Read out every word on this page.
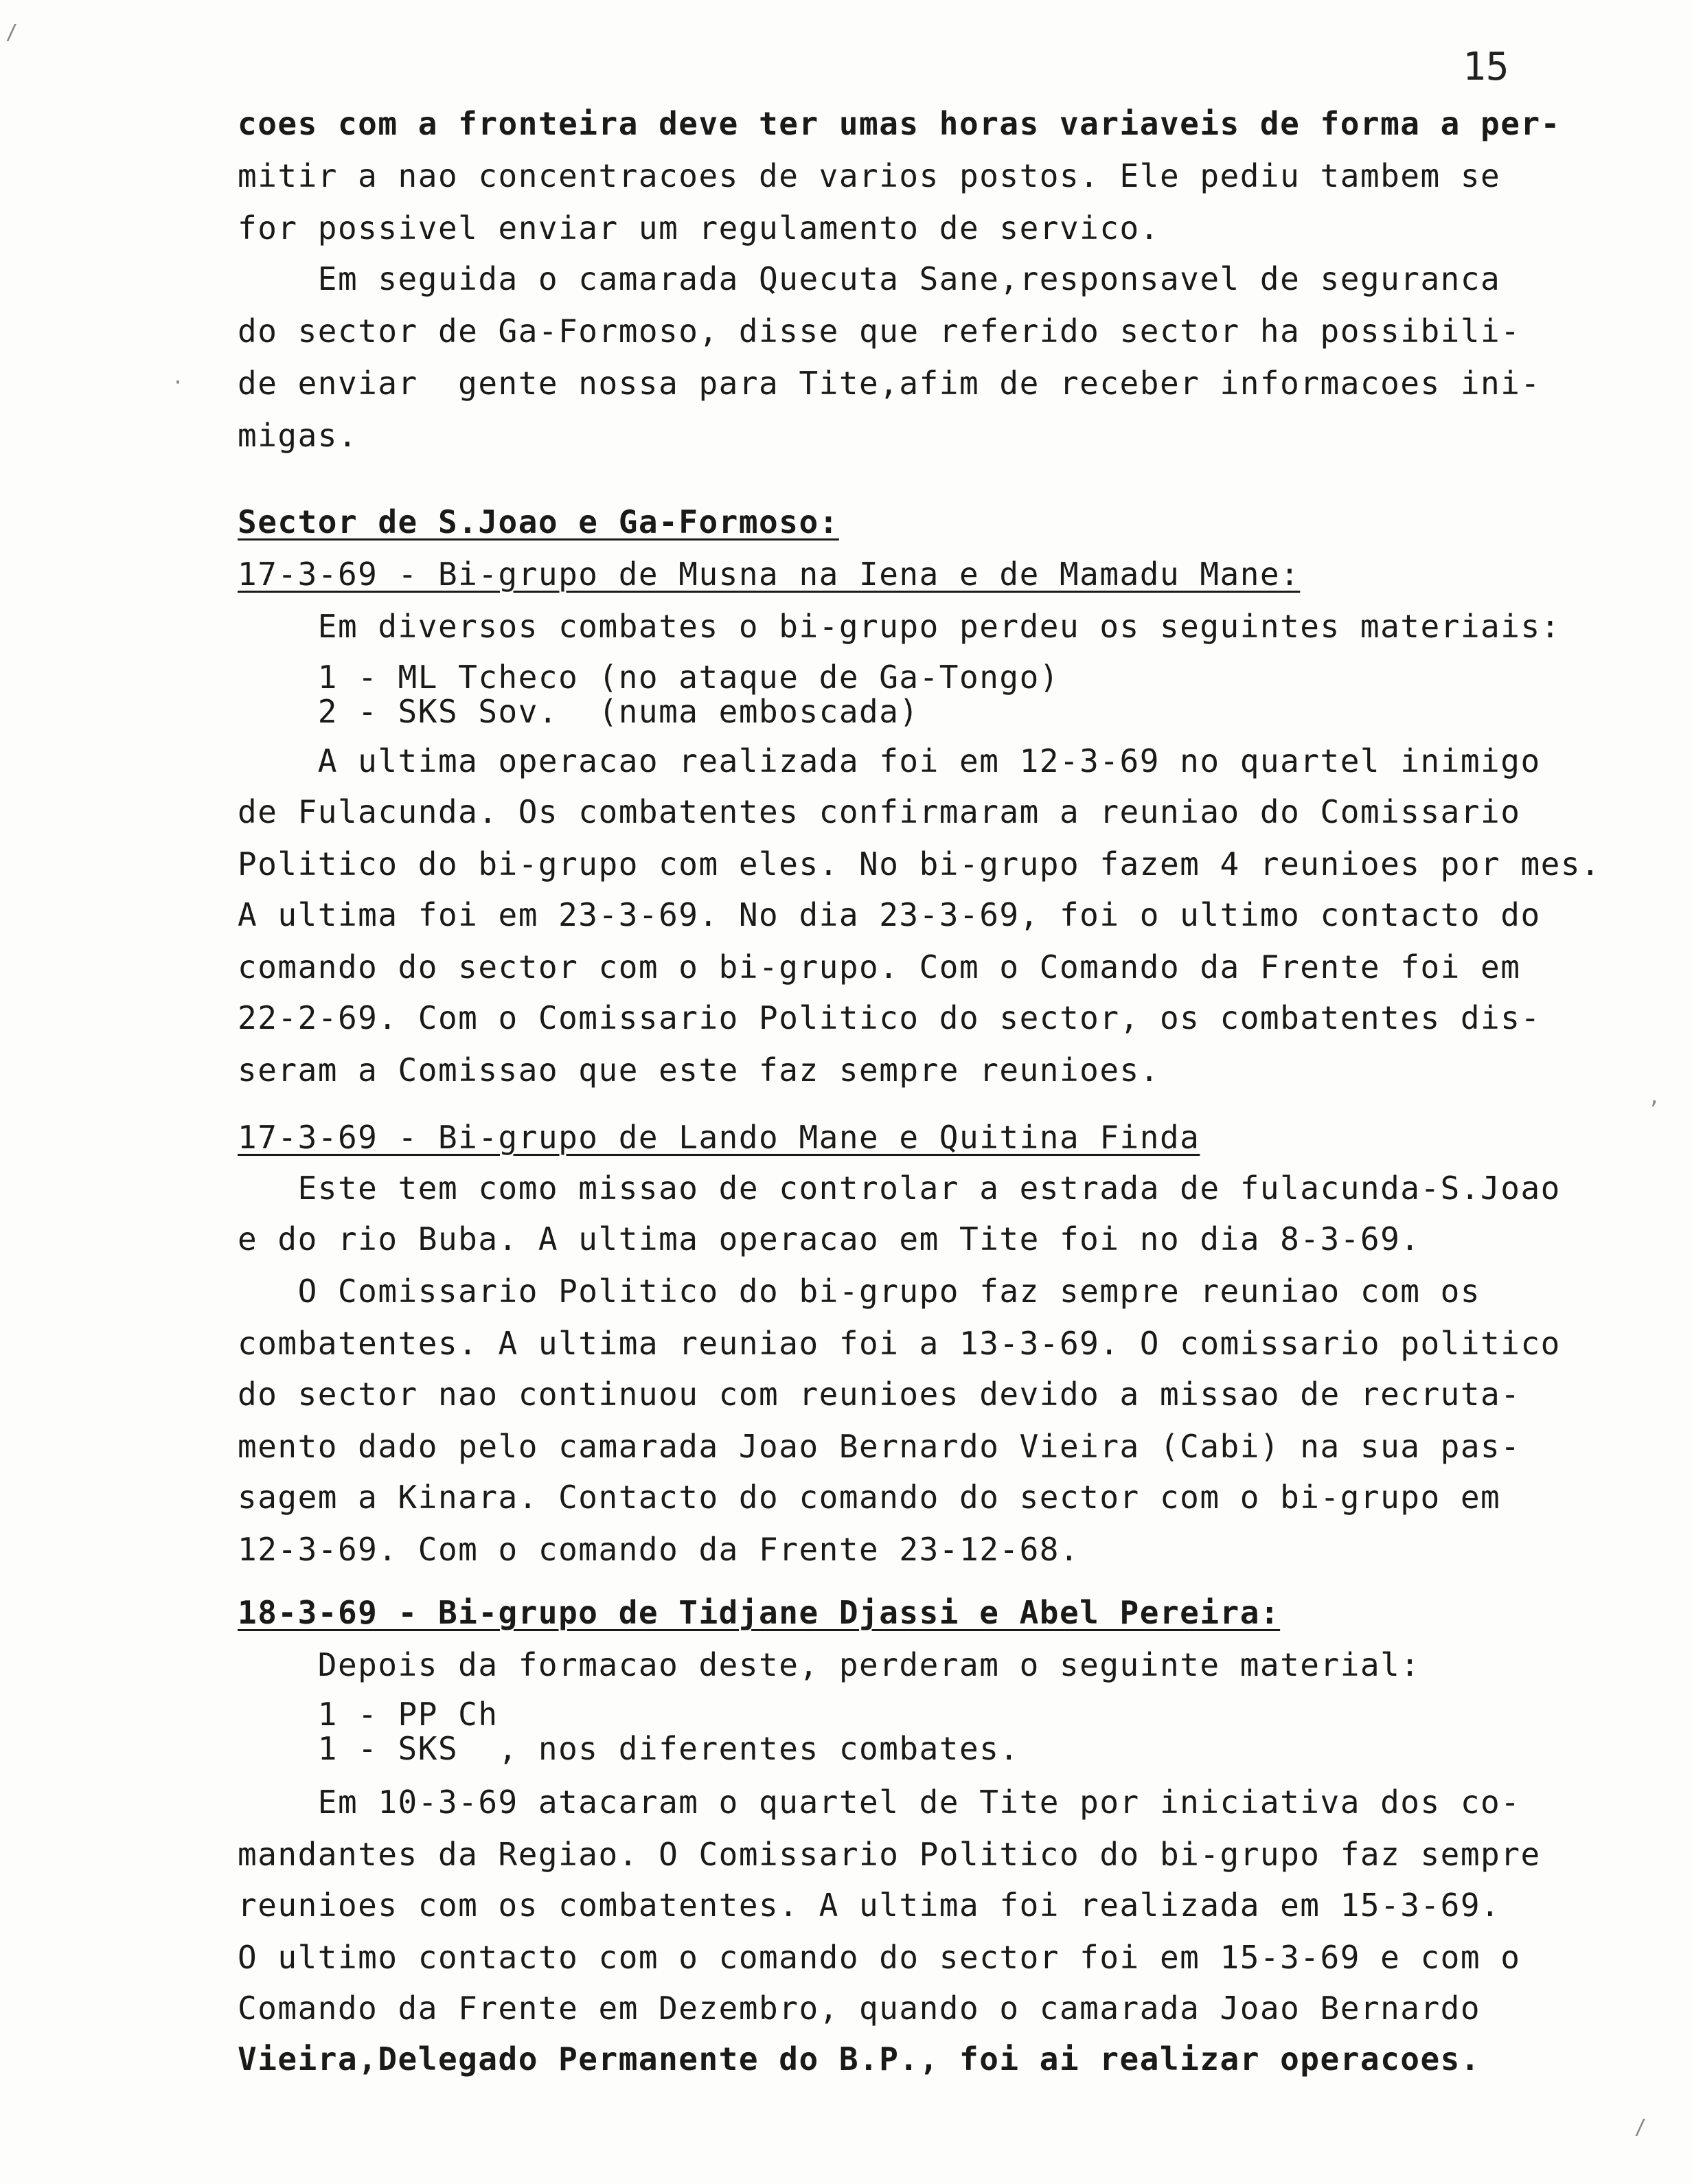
15
coes com a fronteira deve ter umas horas variaveis de forma a per-
mitir a nao concentracoes de varios postos. Ele pediu tambem se
for possivel enviar um regulamento de servico.
Em seguida o camarada Quecuta Sane,responsavel de seguranca
do sector de Ga-Formoso, disse que referido sector ha possibili-
de enviar  gente nossa para Tite,afim de receber informacoes ini-
migas.
Sector de S.Joao e Ga-Formoso:
17-3-69 - Bi-grupo de Musna na Iena e de Mamadu Mane:
Em diversos combates o bi-grupo perdeu os seguintes materiais:
1 - ML Tcheco (no ataque de Ga-Tongo)
2 - SKS Sov.  (numa emboscada)
A ultima operacao realizada foi em 12-3-69 no quartel inimigo
de Fulacunda. Os combatentes confirmaram a reuniao do Comissario
Politico do bi-grupo com eles. No bi-grupo fazem 4 reunioes por mes.
A ultima foi em 23-3-69. No dia 23-3-69, foi o ultimo contacto do
comando do sector com o bi-grupo. Com o Comando da Frente foi em
22-2-69. Com o Comissario Politico do sector, os combatentes dis-
seram a Comissao que este faz sempre reunioes.
17-3-69 - Bi-grupo de Lando Mane e Quitina Finda
Este tem como missao de controlar a estrada de fulacunda-S.Joao
e do rio Buba. A ultima operacao em Tite foi no dia 8-3-69.
O Comissario Politico do bi-grupo faz sempre reuniao com os
combatentes. A ultima reuniao foi a 13-3-69. O comissario politico
do sector nao continuou com reunioes devido a missao de recruta-
mento dado pelo camarada Joao Bernardo Vieira (Cabi) na sua pas-
sagem a Kinara. Contacto do comando do sector com o bi-grupo em
12-3-69. Com o comando da Frente 23-12-68.
18-3-69 - Bi-grupo de Tidjane Djassi e Abel Pereira:
Depois da formacao deste, perderam o seguinte material:
1 - PP Ch
1 - SKS  , nos diferentes combates.
Em 10-3-69 atacaram o quartel de Tite por iniciativa dos co-
mandantes da Regiao. O Comissario Politico do bi-grupo faz sempre
reunioes com os combatentes. A ultima foi realizada em 15-3-69.
O ultimo contacto com o comando do sector foi em 15-3-69 e com o
Comando da Frente em Dezembro, quando o camarada Joao Bernardo
Vieira,Delegado Permanente do B.P., foi ai realizar operacoes.
/
·
,
/
